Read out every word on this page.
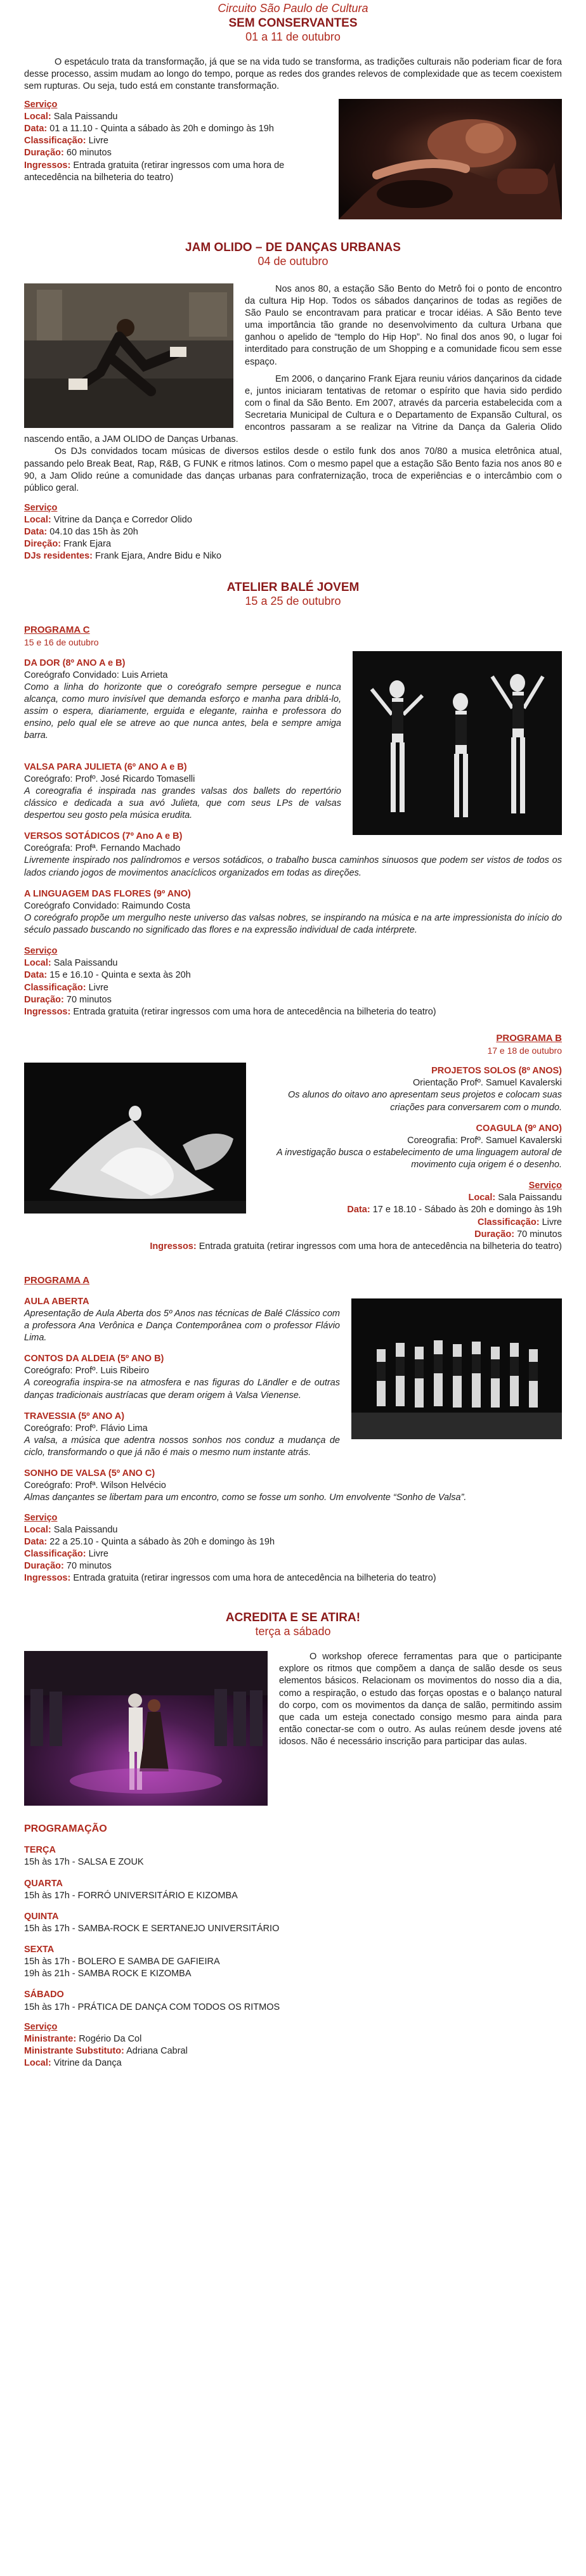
Circuito São Paulo de Cultura
SEM CONSERVANTES
01 a 11 de outubro

O espetáculo trata da transformação, já que se na vida tudo se transforma, as tradições culturais não poderiam ficar de fora desse processo, assim mudam ao longo do tempo, porque as redes dos grandes relevos de complexidade que as tecem coexistem sem rupturas. Ou seja, tudo está em constante transformação.

Serviço

Local: Sala Paissandu

Data: 01 a 11.10 - Quinta a sábado às 20h e domingo às 19h

Classificação: Livre

Duração: 60 minutos

Ingressos: Entrada gratuita (retirar ingressos com uma hora de antecedência na bilheteria do teatro)

JAM OLIDO – DE DANÇAS URBANAS
04 de outubro

Nos anos 80, a estação São Bento do Metrô foi o ponto de encontro da cultura Hip Hop. Todos os sábados dançarinos de todas as regiões de São Paulo se encontravam para praticar e trocar idéias. A São Bento teve uma importância tão grande no desenvolvimento da cultura Urbana que ganhou o apelido de “templo do Hip Hop”. No final dos anos 90, o lugar foi interditado para construção de um Shopping e a comunidade ficou sem esse espaço.

Em 2006, o dançarino Frank Ejara reuniu vários dançarinos da cidade e, juntos iniciaram tentativas de retomar o espírito que havia sido perdido com o final da São Bento. Em 2007, através da parceria estabelecida com a Secretaria Municipal de Cultura e o Departamento de Expansão Cultural, os encontros passaram a se realizar na Vitrine da Dança da Galeria Olido nascendo então, a JAM OLIDO de Danças Urbanas.

Os DJs convidados tocam músicas de diversos estilos desde o estilo funk dos anos 70/80 a musica eletrônica atual, passando pelo Break Beat, Rap, R&B, G FUNK e ritmos latinos. Com o mesmo papel que a estação São Bento fazia nos anos 80 e 90, a Jam Olido reúne a comunidade das danças urbanas para confraternização, troca de experiências e o intercâmbio com o público geral.

Serviço

Local: Vitrine da Dança e Corredor Olido

Data: 04.10 das 15h às 20h

Direção: Frank Ejara

DJs residentes: Frank Ejara, Andre Bidu e Niko

ATELIER BALÉ JOVEM
15 a 25 de outubro
PROGRAMA C
15 e 16 de outubro
DA DOR (8º ANO A e B)
Coreógrafo Convidado: Luis Arrieta
Como a linha do horizonte que o coreógrafo sempre persegue e nunca alcança, como muro invisível que demanda esforço e manha para driblá-lo, assim o espera, diariamente, erguida e elegante, rainha e professora do ensino, pelo qual ele se atreve ao que nunca antes, bela e sempre amiga barra.
VALSA PARA JULIETA (6º ANO A e B)
Coreógrafo: Profº. José Ricardo Tomaselli
A coreografia é inspirada nas grandes valsas dos ballets do repertório clássico e dedicada a sua avó Julieta, que com seus LPs de valsas despertou seu gosto pela música erudita.
VERSOS SOTÁDICOS (7º Ano A e B)
Coreógrafa: Profª. Fernando Machado
Livremente inspirado nos palíndromos e versos sotádicos, o trabalho busca caminhos sinuosos que podem ser vistos de todos os lados criando jogos de movimentos anacíclicos organizados em todas as direções.
A LINGUAGEM DAS FLORES (9º ANO)
Coreógrafo Convidado: Raimundo Costa
O coreógrafo propõe um mergulho neste universo das valsas nobres, se inspirando na música e na arte impressionista do início do século passado buscando no significado das flores e na expressão individual de cada intérprete.

Serviço

Local: Sala Paissandu

Data: 15 e 16.10 - Quinta e sexta às 20h

Classificação: Livre

Duração: 70 minutos

Ingressos: Entrada gratuita (retirar ingressos com uma hora de antecedência na bilheteria do teatro)

PROGRAMA B
17 e 18 de outubro
PROJETOS SOLOS (8º ANOS)
Orientação Profº. Samuel Kavalerski
Os alunos do oitavo ano apresentam seus projetos e colocam suas criações para conversarem com o mundo.
COAGULA (9º ANO)
Coreografia: Profº. Samuel Kavalerski
A investigação busca o estabelecimento de uma linguagem autoral de movimento cuja origem é o desenho.

Serviço

Local: Sala Paissandu

Data: 17 e 18.10 - Sábado às 20h e domingo às 19h

Classificação: Livre

Duração: 70 minutos

Ingressos: Entrada gratuita (retirar ingressos com uma hora de antecedência na bilheteria do teatro)

PROGRAMA A
AULA ABERTA
Apresentação de Aula Aberta dos 5º Anos nas técnicas de Balé Clássico com a professora Ana Verônica e Dança Contemporânea com o professor Flávio Lima.
CONTOS DA ALDEIA (5º ANO B)
Coreógrafo: Profº. Luis Ribeiro
A coreografia inspira-se na atmosfera e nas figuras do Ländler e de outras danças tradicionais austríacas que deram origem à Valsa Vienense.
TRAVESSIA (5º ANO A)
Coreógrafo: Profº. Flávio Lima
A valsa, a música que adentra nossos sonhos nos conduz a mudança de ciclo, transformando o que já não é mais o mesmo num instante atrás.
SONHO DE VALSA (5º ANO C)
Coreógrafo: Profª. Wilson Helvécio
Almas dançantes se libertam para um encontro, como se fosse um sonho. Um envolvente “Sonho de Valsa”.

Serviço

Local: Sala Paissandu

Data: 22 a 25.10 - Quinta a sábado às 20h e domingo às 19h

Classificação: Livre

Duração: 70 minutos

Ingressos: Entrada gratuita (retirar ingressos com uma hora de antecedência na bilheteria do teatro)

ACREDITA E SE ATIRA!
terça a sábado

O workshop oferece ferramentas para que o participante explore os ritmos que compõem a dança de salão desde os seus elementos básicos. Relacionam os movimentos do nosso dia a dia, como a respiração, o estudo das forças opostas e o balanço natural do corpo, com os movimentos da dança de salão, permitindo assim que cada um esteja conectado consigo mesmo para ainda para então conectar-se com o outro. As aulas reúnem desde jovens até idosos. Não é necessário inscrição para participar das aulas.

PROGRAMAÇÃO
TERÇA
15h às 17h - SALSA E ZOUK
QUARTA
15h às 17h - FORRÓ UNIVERSITÁRIO E KIZOMBA
QUINTA
15h às 17h - SAMBA-ROCK E SERTANEJO UNIVERSITÁRIO
SEXTA
15h às 17h - BOLERO E SAMBA DE GAFIEIRA
19h às 21h - SAMBA ROCK E KIZOMBA
SÁBADO
15h às 17h - PRÁTICA DE DANÇA COM TODOS OS RITMOS

Serviço

Ministrante: Rogério Da Col

Ministrante Substituto: Adriana Cabral

Local: Vitrine da Dança
